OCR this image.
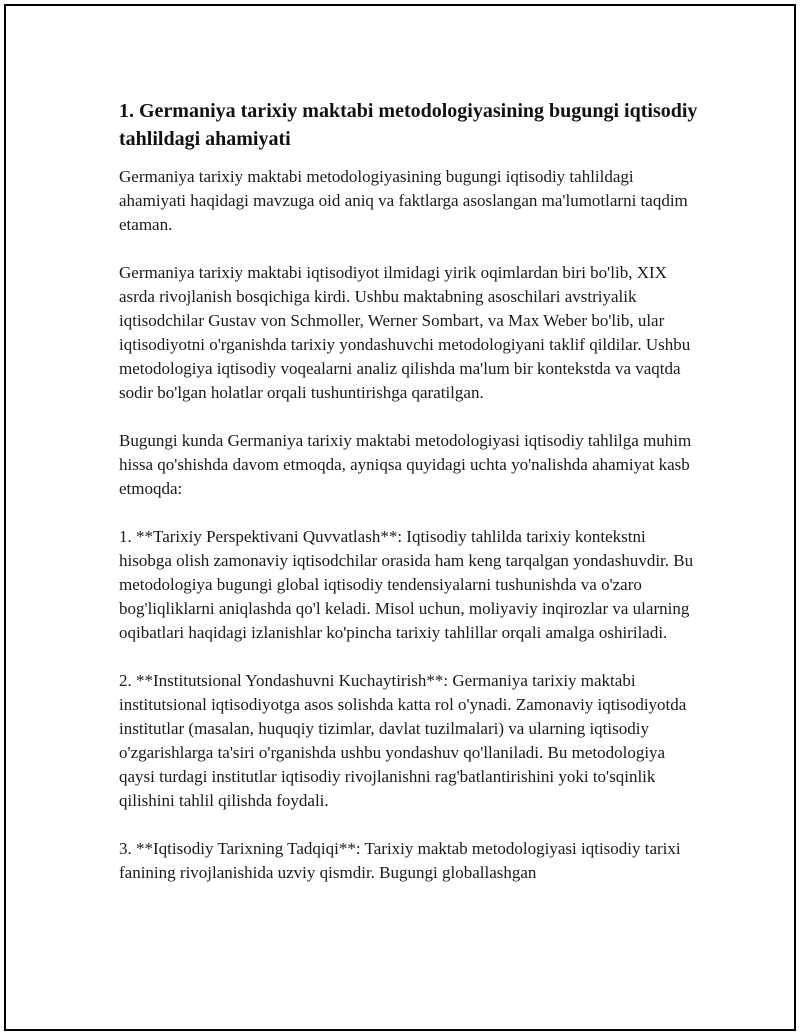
1. Germaniya tarixiy maktabi metodologiyasining bugungi iqtisodiy tahlildagi ahamiyati

Germaniya tarixiy maktabi metodologiyasining bugungi iqtisodiy tahlildagi ahamiyati haqidagi mavzuga oid aniq va faktlarga asoslangan ma'lumotlarni taqdim etaman.

Germaniya tarixiy maktabi iqtisodiyot ilmidagi yirik oqimlardan biri bo'lib, XIX asrda rivojlanish bosqichiga kirdi. Ushbu maktabning asoschilari avstriyalik iqtisodchilar Gustav von Schmoller, Werner Sombart, va Max Weber bo'lib, ular iqtisodiyotni o'rganishda tarixiy yondashuvchi metodologiyani taklif qildilar. Ushbu metodologiya iqtisodiy voqealarni analiz qilishda ma'lum bir kontekstda va vaqtda sodir bo'lgan holatlar orqali tushuntirishga qaratilgan.

Bugungi kunda Germaniya tarixiy maktabi metodologiyasi iqtisodiy tahlilga muhim hissa qo'shishda davom etmoqda, ayniqsa quyidagi uchta yo'nalishda ahamiyat kasb etmoqda:

1. **Tarixiy Perspektivani Quvvatlash**: Iqtisodiy tahlilda tarixiy kontekstni hisobga olish zamonaviy iqtisodchilar orasida ham keng tarqalgan yondashuvdir. Bu metodologiya bugungi global iqtisodiy tendensiyalarni tushunishda va o'zaro bog'liqliklarni aniqlashda qo'l keladi. Misol uchun, moliyaviy inqirozlar va ularning oqibatlari haqidagi izlanishlar ko'pincha tarixiy tahlillar orqali amalga oshiriladi.

2. **Institutsional Yondashuvni Kuchaytirish**: Germaniya tarixiy maktabi institutsional iqtisodiyotga asos solishda katta rol o'ynadi. Zamonaviy iqtisodiyotda institutlar (masalan, huquqiy tizimlar, davlat tuzilmalari) va ularning iqtisodiy o'zgarishlarga ta'siri o'rganishda ushbu yondashuv qo'llaniladi. Bu metodologiya qaysi turdagi institutlar iqtisodiy rivojlanishni rag'batlantirishini yoki to'sqinlik qilishini tahlil qilishda foydali.

3. **Iqtisodiy Tarixning Tadqiqi**: Tarixiy maktab metodologiyasi iqtisodiy tarixi fanining rivojlanishida uzviy qismdir. Bugungi globallashgan
